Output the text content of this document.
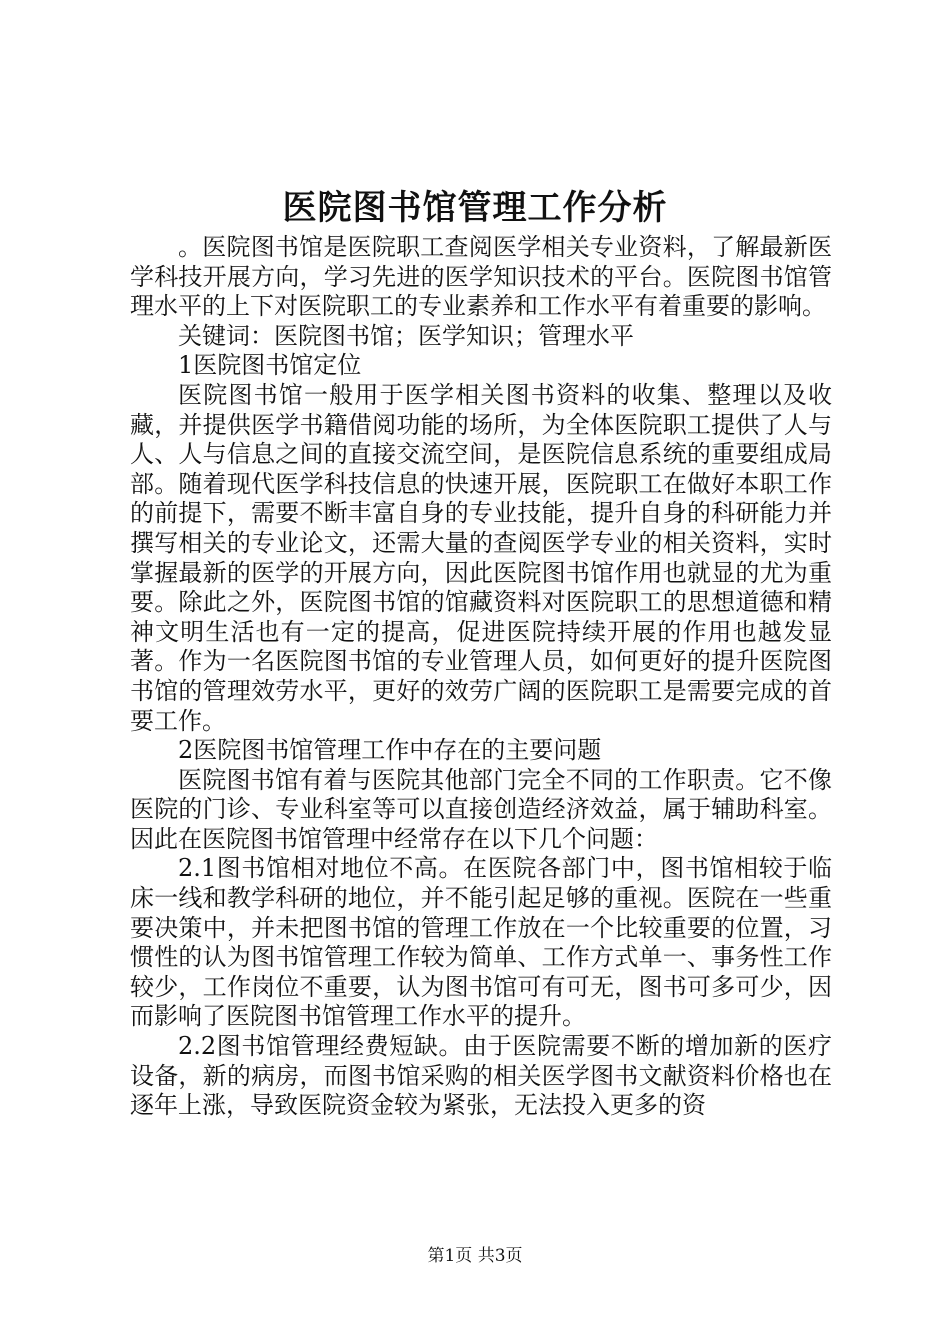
医院图书馆管理工作分析

。医院图书馆是医院职工查阅医学相关专业资料，了解最新医学科技开展方向，学习先进的医学知识技术的平台。医院图书馆管理水平的上下对医院职工的专业素养和工作水平有着重要的影响。

关键词：医院图书馆；医学知识；管理水平

1医院图书馆定位

医院图书馆一般用于医学相关图书资料的收集、整理以及收藏，并提供医学书籍借阅功能的场所，为全体医院职工提供了人与人、人与信息之间的直接交流空间，是医院信息系统的重要组成局部。随着现代医学科技信息的快速开展，医院职工在做好本职工作的前提下，需要不断丰富自身的专业技能，提升自身的科研能力并撰写相关的专业论文，还需大量的查阅医学专业的相关资料，实时掌握最新的医学的开展方向，因此医院图书馆作用也就显的尤为重要。除此之外，医院图书馆的馆藏资料对医院职工的思想道德和精神文明生活也有一定的提高，促进医院持续开展的作用也越发显著。作为一名医院图书馆的专业管理人员，如何更好的提升医院图书馆的管理效劳水平，更好的效劳广阔的医院职工是需要完成的首要工作。

2医院图书馆管理工作中存在的主要问题

医院图书馆有着与医院其他部门完全不同的工作职责。它不像医院的门诊、专业科室等可以直接创造经济效益，属于辅助科室。因此在医院图书馆管理中经常存在以下几个问题：

2.1图书馆相对地位不高。在医院各部门中，图书馆相较于临床一线和教学科研的地位，并不能引起足够的重视。医院在一些重要决策中，并未把图书馆的管理工作放在一个比较重要的位置，习惯性的认为图书馆管理工作较为简单、工作方式单一、事务性工作较少，工作岗位不重要，认为图书馆可有可无，图书可多可少，因而影响了医院图书馆管理工作水平的提升。

2.2图书馆管理经费短缺。由于医院需要不断的增加新的医疗设备，新的病房，而图书馆采购的相关医学图书文献资料价格也在逐年上涨，导致医院资金较为紧张，无法投入更多的资

第1页 共3页
